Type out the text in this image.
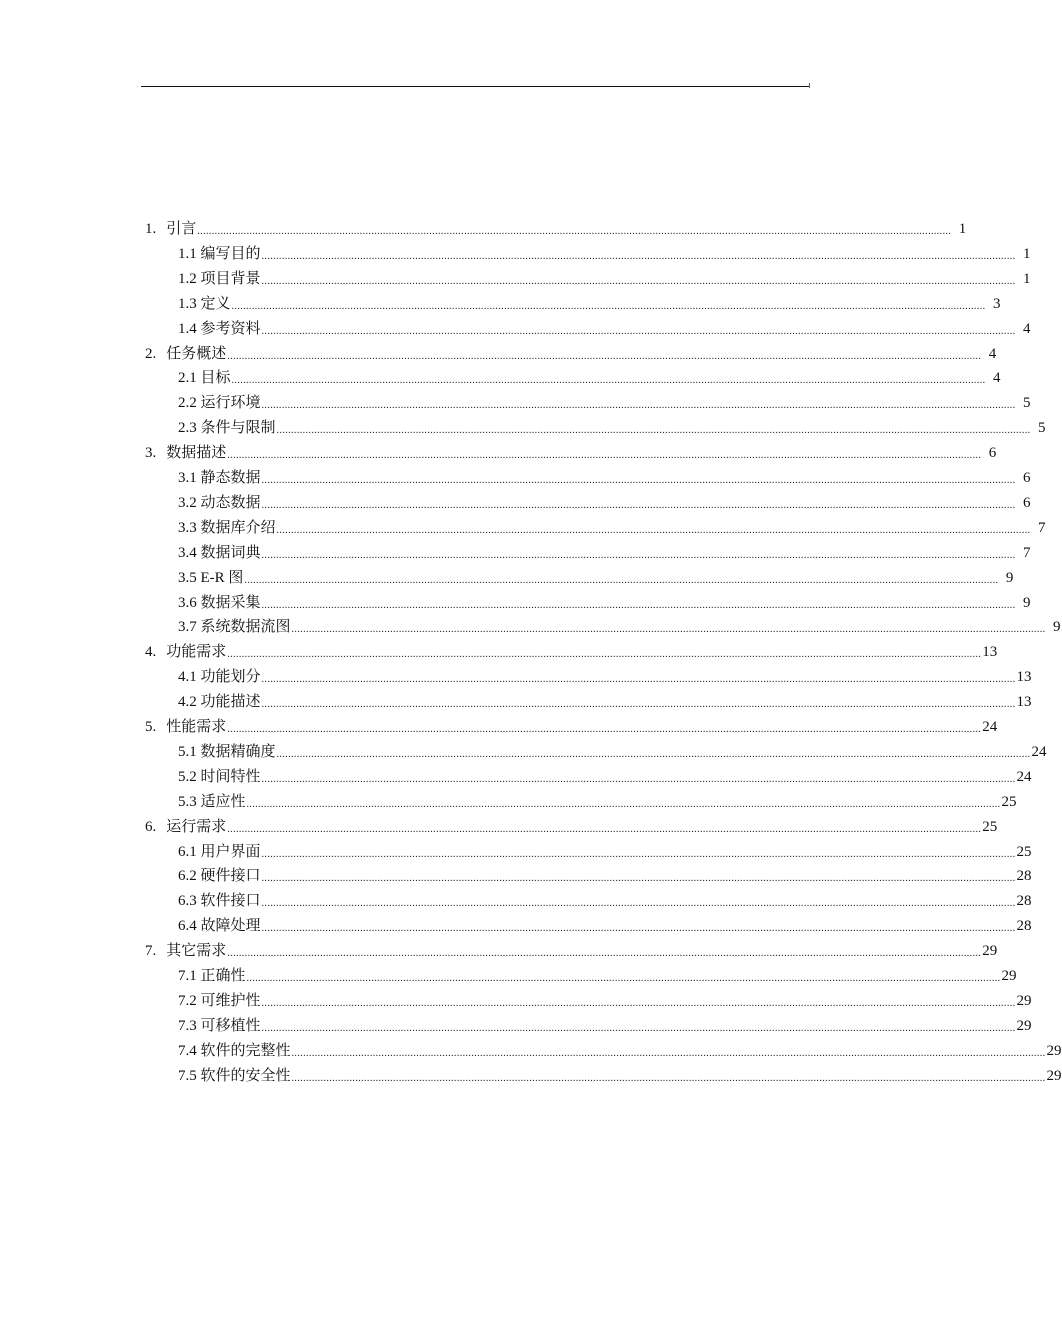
1. 引言 .................................................................................................................................................................................................................................................................... 1
1.1 编写目的 .................................................................................................................................................................................................................................................................... 1
1.2 项目背景 .................................................................................................................................................................................................................................................................... 1
1.3 定义 .................................................................................................................................................................................................................................................................... 3
1.4 参考资料 .................................................................................................................................................................................................................................................................... 4
2. 任务概述 .................................................................................................................................................................................................................................................................... 4
2.1 目标 .................................................................................................................................................................................................................................................................... 4
2.2 运行环境 .................................................................................................................................................................................................................................................................... 5
2.3 条件与限制 .................................................................................................................................................................................................................................................................... 5
3. 数据描述 .................................................................................................................................................................................................................................................................... 6
3.1 静态数据 .................................................................................................................................................................................................................................................................... 6
3.2 动态数据 .................................................................................................................................................................................................................................................................... 6
3.3 数据库介绍 .................................................................................................................................................................................................................................................................... 7
3.4 数据词典 .................................................................................................................................................................................................................................................................... 7
3.5 E-R 图 .................................................................................................................................................................................................................................................................... 9
3.6 数据采集 .................................................................................................................................................................................................................................................................... 9
3.7 系统数据流图 .................................................................................................................................................................................................................................................................... 9
4. 功能需求 .................................................................................................................................................................................................................................................................... 13
4.1 功能划分 .................................................................................................................................................................................................................................................................... 13
4.2 功能描述 .................................................................................................................................................................................................................................................................... 13
5. 性能需求 .................................................................................................................................................................................................................................................................... 24
5.1 数据精确度 .................................................................................................................................................................................................................................................................... 24
5.2 时间特性 .................................................................................................................................................................................................................................................................... 24
5.3 适应性 .................................................................................................................................................................................................................................................................... 25
6. 运行需求 .................................................................................................................................................................................................................................................................... 25
6.1 用户界面 .................................................................................................................................................................................................................................................................... 25
6.2 硬件接口 .................................................................................................................................................................................................................................................................... 28
6.3 软件接口 .................................................................................................................................................................................................................................................................... 28
6.4 故障处理 .................................................................................................................................................................................................................................................................... 28
7. 其它需求 .................................................................................................................................................................................................................................................................... 29
7.1 正确性 .................................................................................................................................................................................................................................................................... 29
7.2 可维护性 .................................................................................................................................................................................................................................................................... 29
7.3 可移植性 .................................................................................................................................................................................................................................................................... 29
7.4 软件的完整性 .................................................................................................................................................................................................................................................................... 29
7.5 软件的安全性 .................................................................................................................................................................................................................................................................... 29
